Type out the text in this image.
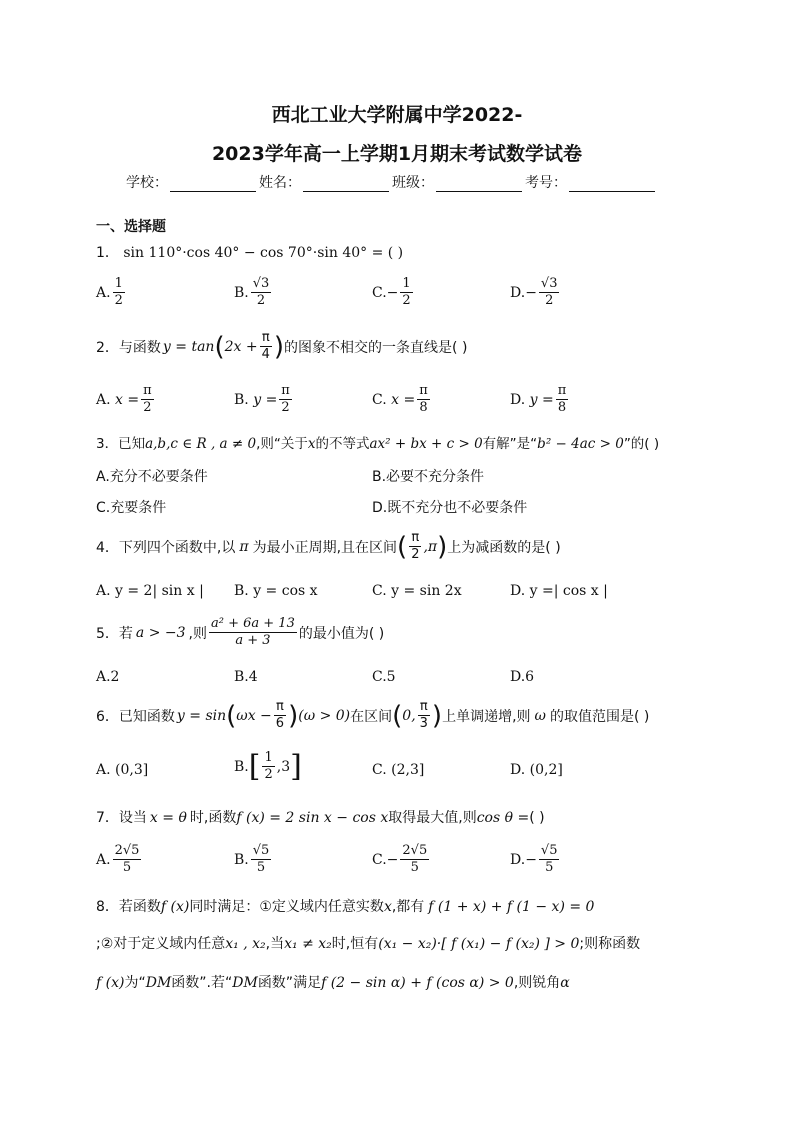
西北工业大学附属中学2022-
2023学年高一上学期1月期末考试数学试卷
学校：	姓名：	班级：	考号：
一、选择题
1． sin 110°·cos 40° − cos 70°·sin 40° = ( )
A. $\frac{1}{2}$	B. $\frac{√3}{2}$	C. − $\frac{1}{2}$	D. − $\frac{√3}{2}$
2． 与函数 y = tan ( $2x + \frac{\pi}{4}$ ) 的图象不相交的一条直线是( )
A.
$x = \frac{\pi}{2}$	B.
$y = \frac{\pi}{2}$	C.
$x = \frac{\pi}{8}$	D.
$y = \frac{\pi}{8}$
3．已知a,b,c ∈ R , a ≠ 0,则“关于x的不等式ax² + bx + c > 0有解”是“b² − 4ac > 0”的( )
A.充分不必要条件	B.必要不充分条件
C.充要条件	D.既不充分也不必要条件
4． 下列四个函数中,以 π 为最小正周期,且在区间 ( $\frac{\pi}{2} ,\pi$ ) 上为减函数的是( )
A. y = 2| sin x | B. y = cos x	C. y = sin 2x	D. y =| cos x |
5． 若 a > −3 ,则 $\frac{\text{a² + 6a + 13}}{a + 3}$ 的最小值为( )
A.2	B.4	C.5	D.6
6． 已知函数 y = sin ( $\omega x - \frac{\pi}{6}$ ) (ω > 0) 在区间 ( 0, $\frac{\pi}{3}$ ) 上单调递增,则 ω 的取值范围是( )
A.
(0,3]	B. [ $\frac{1}{2} ,3$ ]	C.
(2,3]	D.
(0,2]
7．设当 x = θ 时,函数f (x) = 2 sin x − cos x取得最大值,则cos θ =( )
A. $\frac{2√5}{5}$	B. $\frac{√5}{5}$	C. − $\frac{2√5}{5}$	D. − $\frac{√5}{5}$
8．若函数f (x)同时满足：①定义域内任意实数x,都有 f (1 + x) + f (1 − x) = 0
;②对于定义域内任意x₁ , x₂,当x₁ ≠ x₂时,恒有(x₁ − x₂)·[ f (x₁) − f (x₂) ] > 0;则称函数
f (x)为“DM函数”.若“DM函数”满足f (2 − sin α) + f (cos α) > 0,则锐角α
